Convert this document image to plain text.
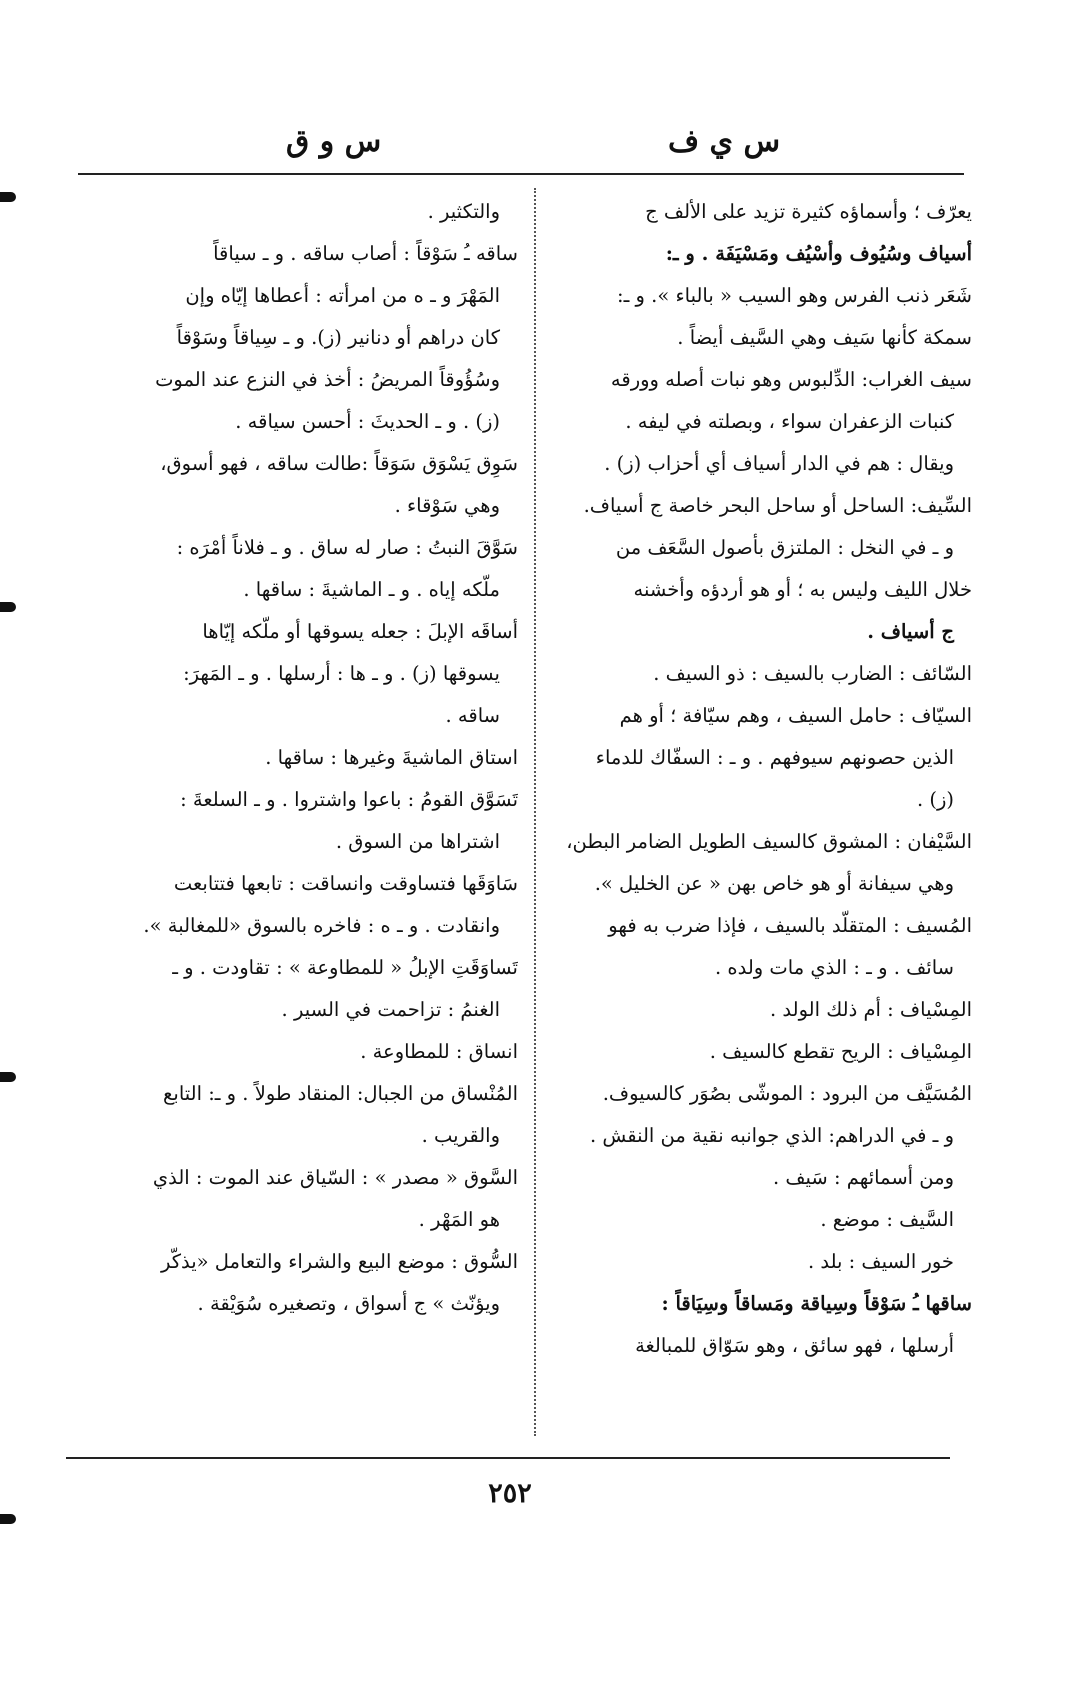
س ي ف
س و ق

يعرّف ؛ وأسماؤه كثيرة تزيد على الألف ج

أسياف وسُيُوف وأسْيُف ومَسْيَفَة . و ـ:

شَعَر ذنب الفرس وهو السيب « بالباء ». و ـ:

سمكة كأنها سَيف وهي السَّيف أيضاً .

سيف الغراب: الدِّلبوس وهو نبات أصله وورقه

كنبات الزعفران سواء ، وبصلته في ليفه .

ويقال : هم في الدار أسياف أي أحزاب (ز) .

السِّيف: الساحل أو ساحل البحر خاصة ج أسياف.

و ـ في النخل : الملتزق بأصول السَّعَف من

خلال الليف وليس به ؛ أو هو أردؤه وأخشنه

ج أسياف .

السّائف : الضارب بالسيف : ذو السيف .

السيّاف : حامل السيف ، وهم سيّافة ؛ أو هم

الذين حصونهم سيوفهم . و ـ : السفّاك للدماء

(ز) .

السَّيْفان : المشوق كالسيف الطويل الضامر البطن،

وهي سيفانة أو هو خاص بهن « عن الخليل ».

المُسيف : المتقلّد بالسيف ، فإذا ضرب به فهو

سائف . و ـ : الذي مات ولده .

المِسْياف : أم ذلك الولد .

المِسْياف : الريح تقطع كالسيف .

المُسَيَّف من البرود : الموشّى بصُوَر كالسيوف.

و ـ في الدراهم: الذي جوانبه نقية من النقش .

ومن أسمائهم : سَيف .

السَّيف : موضع .

خور السيف : بلد .

ساقها ـُ سَوْقاً وسِياقة ومَساقاً وسِيَاقاً :

أرسلها ، فهو سائق ، وهو سَوّاق للمبالغة

والتكثير .

ساقه ـُ سَوْقاً : أصاب ساقه . و ـ سياقاً

المَهْرَ و ـ ه من امرأته : أعطاها إيّاه وإن

كان دراهم أو دنانير (ز). و ـ سِياقاً وسَوْقاً

وسُؤُوقاً المريضُ : أخذ في النزع عند الموت

(ز) . و ـ الحديثَ : أحسن سياقه .

سَوِق يَسْوَق سَوَقاً :طالت ساقه ، فهو أسوق،

وهي سَوْقاء .

سَوَّقَ النبتُ : صار له ساق . و ـ فلاناً أمْرَه :

ملّكه إياه . و ـ الماشيةَ : ساقها .

أساقَه الإبلَ : جعله يسوقها أو ملّكه إيّاها

يسوقها (ز) . و ـ ها : أرسلها . و ـ المَهرَ:

ساقه .

استاق الماشيةَ وغيرها : ساقها .

تَسَوَّق القومُ : باعوا واشتروا . و ـ السلعةَ :

اشتراها من السوق .

سَاوَقَها فتساوقت وانساقت : تابعها فتتابعت

وانقادت . و ـ ه : فاخره بالسوق «للمغالبة ».

تَساوَقَتِ الإبلُ « للمطاوعة » : تقاودت . و ـ

الغنمُ : تزاحمت في السير .

انساق : للمطاوعة .

المُنْساق من الجبال: المنقاد طولاً . و ـ: التابع

والقريب .

السَّوق « مصدر » : السّياق عند الموت : الذي

هو المَهْر .

السُّوق : موضع البيع والشراء والتعامل «يذكّر

ويؤنّث » ج أسواق ، وتصغيره سُوَيْقة .

٢٥٢
